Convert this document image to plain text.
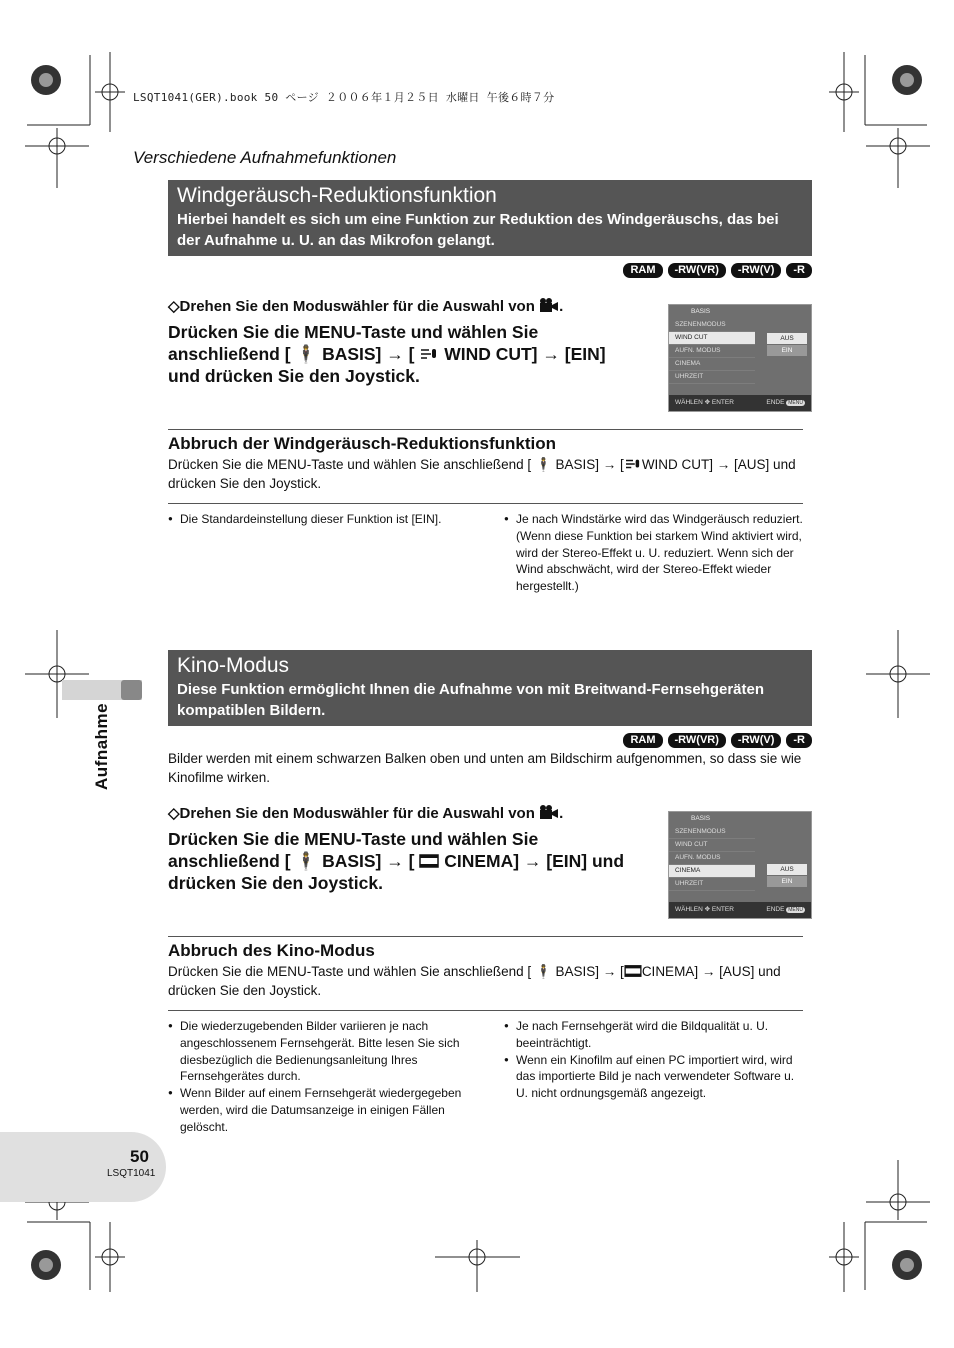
LSQT1041(GER).book 50 ページ ２００６年１月２５日 水曜日 午後６時７分
Verschiedene Aufnahmefunktionen
Windgeräusch-Reduktionsfunktion
Hierbei handelt es sich um eine Funktion zur Reduktion des Windgeräuschs, das bei der Aufnahme u. U. an das Mikrofon gelangt.
RAM	-RW(VR)	-RW(V)	-R
◇Drehen Sie den Moduswähler für die Auswahl von .
Drücken Sie die MENU-Taste und wählen Sie anschließend [ 🕴 BASIS] → [ WIND CUT] → [EIN] und drücken Sie den Joystick.
BASIS
SZENENMODUS
WIND CUT
AUFN. MODUS
CINEMA
UHRZEIT
AUS
EIN
WÄHLEN ✥ ENTER	ENDE MENU
Abbruch der Windgeräusch-Reduktionsfunktion
Drücken Sie die MENU-Taste und wählen Sie anschließend [ 🕴 BASIS] → [ WIND CUT] → [AUS] und drücken Sie den Joystick.
● Die Standardeinstellung dieser Funktion ist [EIN].
●	Je nach Windstärke wird das Windgeräusch reduziert. (Wenn diese Funktion bei starkem Wind aktiviert wird, wird der Stereo-Effekt u. U. reduziert. Wenn sich der Wind abschwächt, wird der Stereo-Effekt wieder hergestellt.)
Aufnahme
Kino-Modus
Diese Funktion ermöglicht Ihnen die Aufnahme von mit Breitwand-Fernsehgeräten kompatiblen Bildern.
RAM	-RW(VR)	-RW(V)	-R
Bilder werden mit einem schwarzen Balken oben und unten am Bildschirm aufgenommen, so dass sie wie Kinofilme wirken.
◇Drehen Sie den Moduswähler für die Auswahl von .
Drücken Sie die MENU-Taste und wählen Sie anschließend [ 🕴 BASIS] → [ CINEMA] → [EIN] und drücken Sie den Joystick.
BASIS
SZENENMODUS
WIND CUT
AUFN. MODUS
CINEMA
UHRZEIT
AUS
EIN
WÄHLEN ✥ ENTER	ENDE MENU
Abbruch des Kino-Modus
Drücken Sie die MENU-Taste und wählen Sie anschließend [ 🕴 BASIS] → [ CINEMA] → [AUS] und drücken Sie den Joystick.
● Die wiederzugebenden Bilder variieren je nach angeschlossenem Fernsehgerät. Bitte lesen Sie sich diesbezüglich die Bedienungsanleitung Ihres Fernsehgerätes durch.
● Wenn Bilder auf einem Fernsehgerät wiedergegeben werden, wird die Datumsanzeige in einigen Fällen gelöscht.
● Je nach Fernsehgerät wird die Bildqualität u. U. beeinträchtigt.
● Wenn ein Kinofilm auf einen PC importiert wird, wird das importierte Bild je nach verwendeter Software u. U. nicht ordnungsgemäß angezeigt.
50
LSQT1041
